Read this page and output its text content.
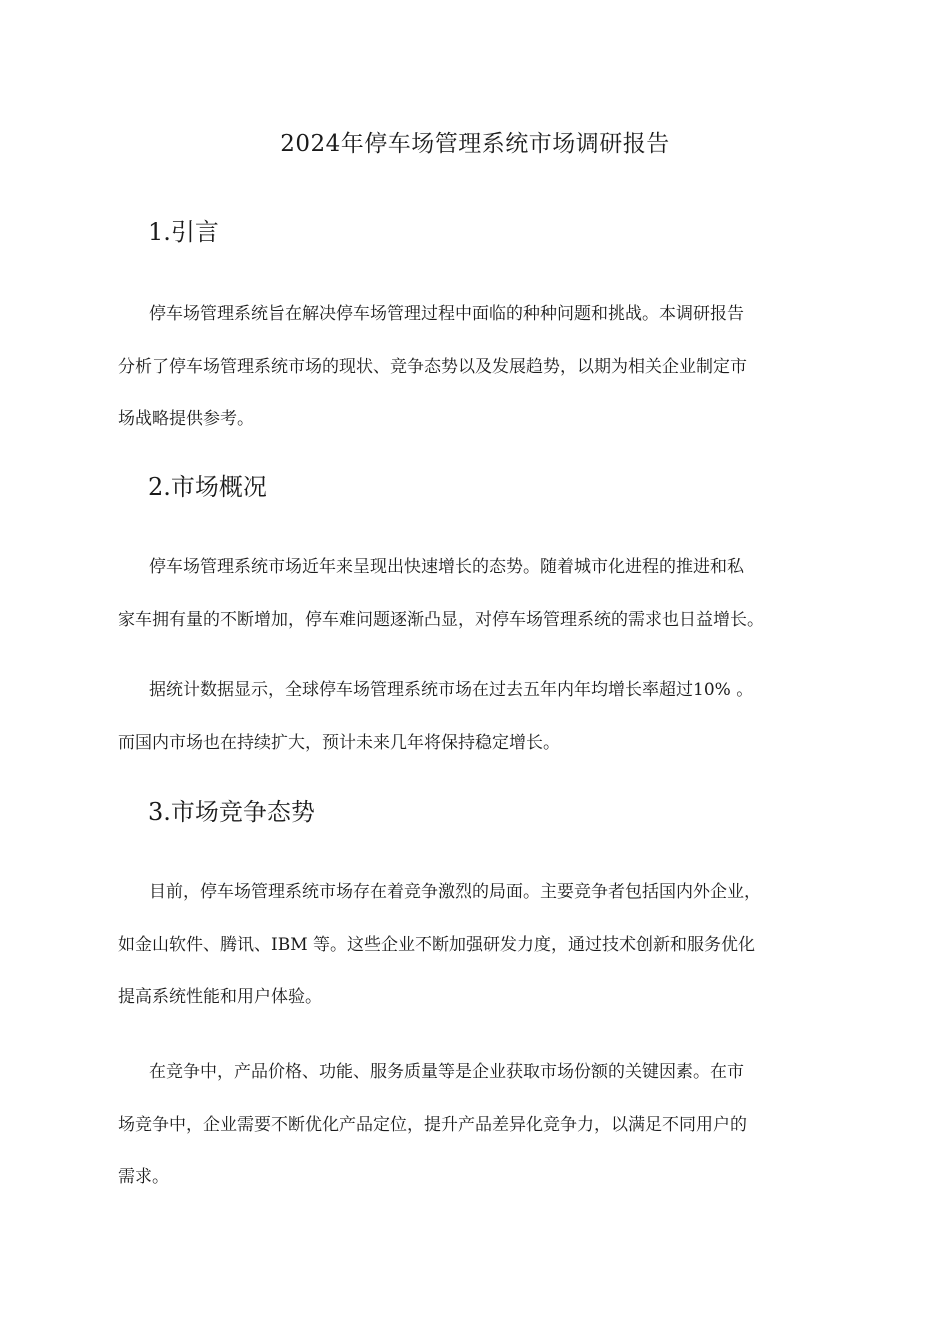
2024年停车场管理系统市场调研报告
1.引言

停车场管理系统旨在解决停车场管理过程中面临的种种问题和挑战。本调研报告
分析了停车场管理系统市场的现状、竞争态势以及发展趋势，以期为相关企业制定市
场战略提供参考。

2.市场概况

停车场管理系统市场近年来呈现出快速增长的态势。随着城市化进程的推进和私
家车拥有量的不断增加，停车难问题逐渐凸显，对停车场管理系统的需求也日益增长。

据统计数据显示，全球停车场管理系统市场在过去五年内年均增长率超过10% 。
而国内市场也在持续扩大，预计未来几年将保持稳定增长。

3.市场竞争态势

目前，停车场管理系统市场存在着竞争激烈的局面。主要竞争者包括国内外企业，
如金山软件、腾讯、IBM 等。这些企业不断加强研发力度，通过技术创新和服务优化
提高系统性能和用户体验。

在竞争中，产品价格、功能、服务质量等是企业获取市场份额的关键因素。在市
场竞争中，企业需要不断优化产品定位，提升产品差异化竞争力，以满足不同用户的
需求。
